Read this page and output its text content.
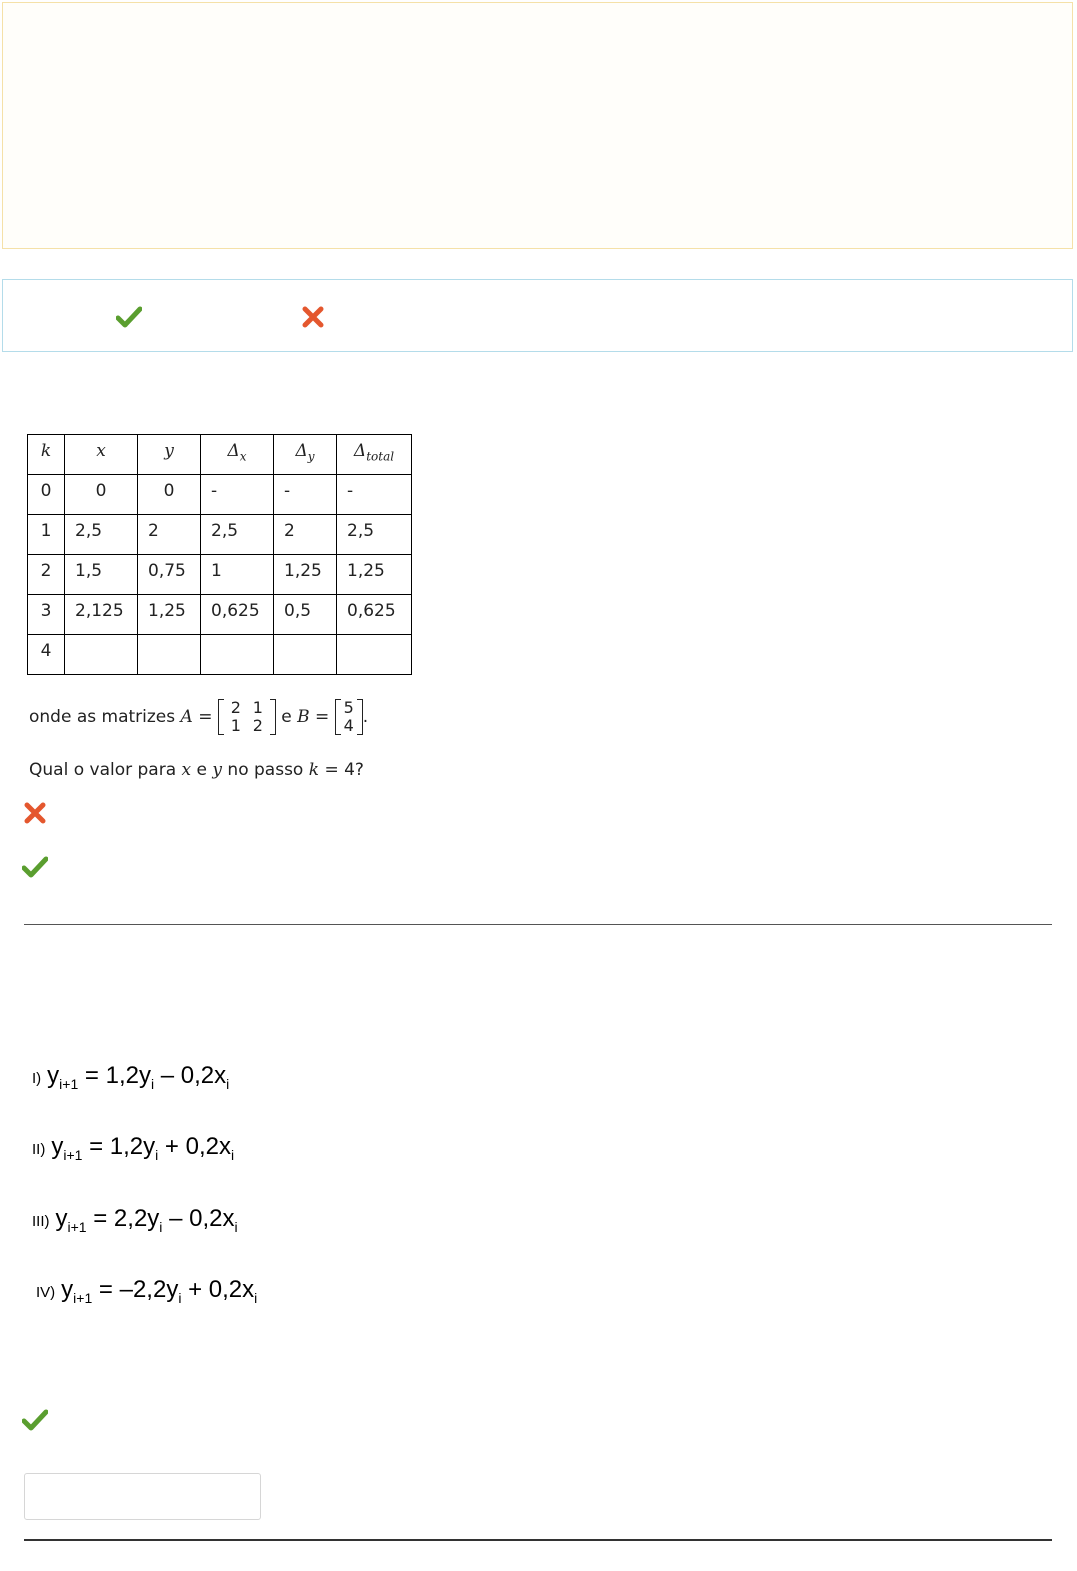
k	x	y	$\Delta_x$	$\Delta_y$	$\Delta_{total}$
0	0	0	-	-	-
1	2,5	2	2,5	2	2,5
2	1,5	0,75	1	1,25	1,25
3	2,125	1,25	0,625	0,5	0,625
4					
onde as matrizes A =	2 1
1 2	e B = 5
4 .
Qual o valor para x e y no passo k = 4?
I) $y_{i+1} = 1,2y_i - 0,2x_i$
II) $y_{i+1} = 1,2y_i + 0,2x_i$
III) $y_{i+1} = 2,2y_i - 0,2x_i$
IV) $y_{i+1} = -2,2y_i + 0,2x_i$
